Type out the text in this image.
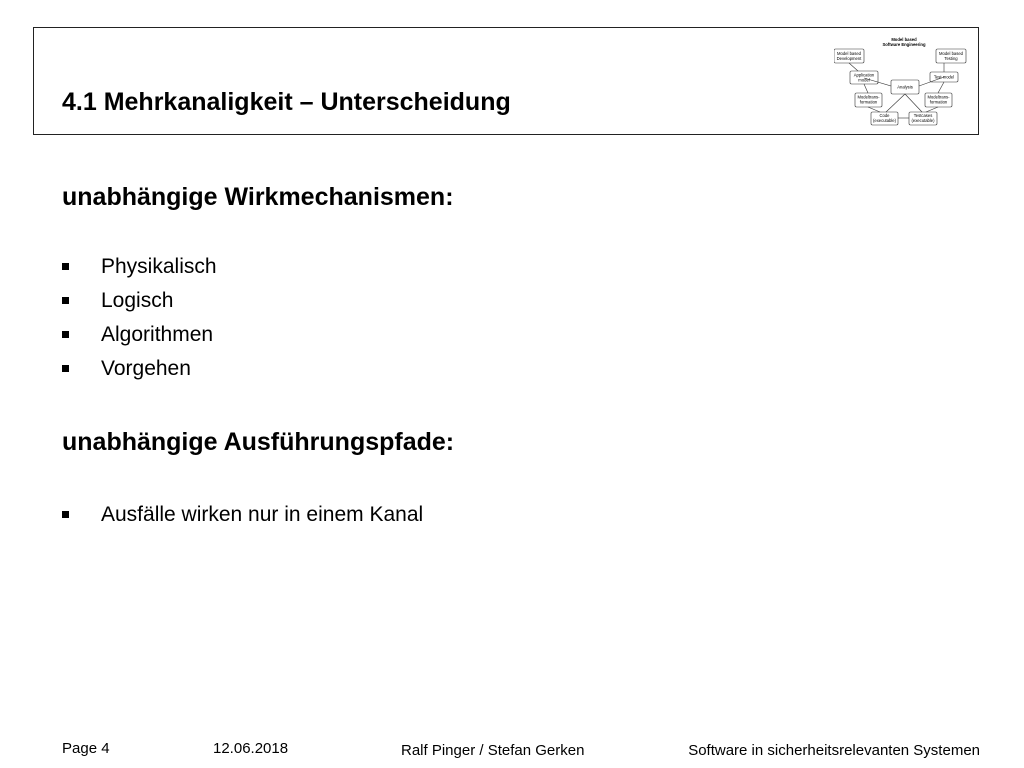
4.1 Mehrkanaligkeit – Unterscheidung
Model based
Software Engineering
Model based
Development
Model based
Testing
Application
model
Test model
Analysis
Modeltrans-
formation
Modeltrans-
formation
Code
(executable)
Testcases
(executable)
unabhängige Wirkmechanismen:
Physikalisch
Logisch
Algorithmen
Vorgehen
unabhängige Ausführungspfade:
Ausfälle wirken nur in einem Kanal
Page 4	12.06.2018	Ralf Pinger / Stefan Gerken	Software in sicherheitsrelevanten Systemen
